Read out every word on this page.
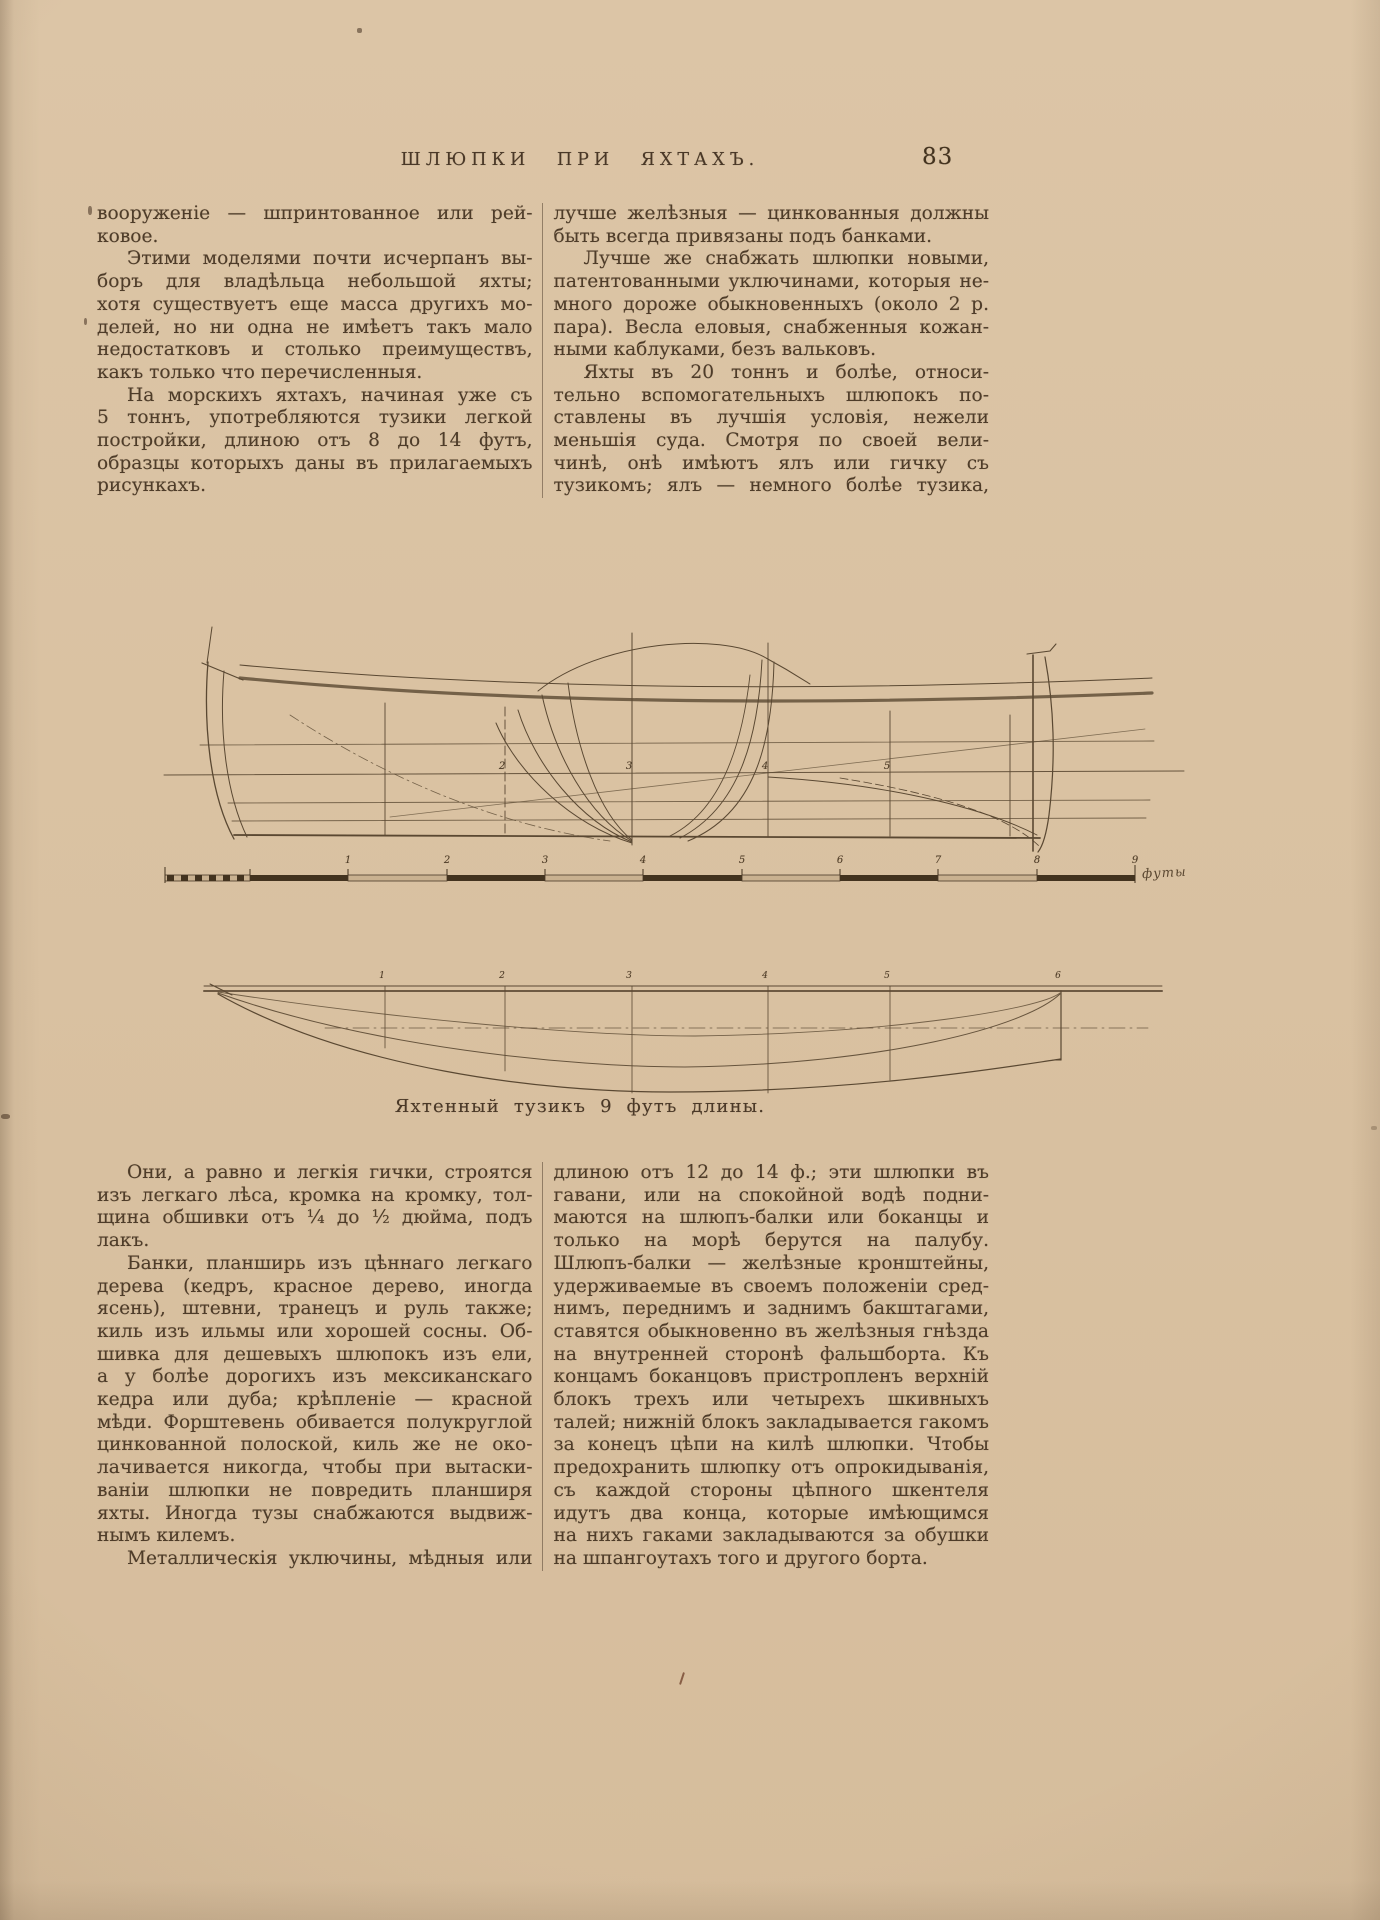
ШЛЮПКИ ПРИ ЯХТАХЪ.	83
вооруженіе — шпринтованное или рей-
ковое.
Этими моделями почти исчерпанъ вы-
боръ для владѣльца небольшой яхты;
хотя существуетъ еще масса другихъ мо-
делей, но ни одна не имѣетъ такъ мало
недостатковъ и столько преимуществъ,
какъ только что перечисленныя.
На морскихъ яхтахъ, начиная уже съ
5 тоннъ, употребляются тузики легкой
постройки, длиною отъ 8 до 14 футъ,
образцы которыхъ даны въ прилагаемыхъ
рисункахъ.
лучше желѣзныя — цинкованныя должны
быть всегда привязаны подъ банками.
Лучше же снабжать шлюпки новыми,
патентованными уключинами, которыя не-
много дороже обыкновенныхъ (около 2 р.
пара). Весла еловыя, снабженныя кожан-
ными каблуками, безъ вальковъ.
Яхты въ 20 тоннъ и болѣе, относи-
тельно вспомогательныхъ шлюпокъ по-
ставлены въ лучшія условія, нежели
меньшія суда. Смотря по своей вели-
чинѣ, онѣ имѣютъ ялъ или гичку съ
тузикомъ; ялъ — немного болѣе тузика,
1	2	3	4	5	6	7	8	9
2	3	4	5
1	2	3	4	5	6
футы
Яхтенный тузикъ 9 футъ длины.
Они, а равно и легкія гички, строятся
изъ легкаго лѣса, кромка на кромку, тол-
щина обшивки отъ ¼ до ½ дюйма, подъ
лакъ.
Банки, планширь изъ цѣннаго легкаго
дерева (кедръ, красное дерево, иногда
ясень), штевни, транецъ и руль также;
киль изъ ильмы или хорошей сосны. Об-
шивка для дешевыхъ шлюпокъ изъ ели,
а у болѣе дорогихъ изъ мексиканскаго
кедра или дуба; крѣпленіе — красной
мѣди. Форштевень обивается полукруглой
цинкованной полоской, киль же не око-
лачивается никогда, чтобы при вытаски-
ваніи шлюпки не повредить планширя
яхты. Иногда тузы снабжаются выдвиж-
нымъ килемъ.
Металлическія уключины, мѣдныя или
длиною отъ 12 до 14 ф.; эти шлюпки въ
гавани, или на спокойной водѣ подни-
маются на шлюпъ-балки или боканцы и
только на морѣ берутся на палубу.
Шлюпъ-балки — желѣзные кронштейны,
удерживаемые въ своемъ положеніи сред-
нимъ, переднимъ и заднимъ бакштагами,
ставятся обыкновенно въ желѣзныя гнѣзда
на внутренней сторонѣ фальшборта. Къ
концамъ боканцовъ пристропленъ верхній
блокъ трехъ или четырехъ шкивныхъ
талей; нижній блокъ закладывается гакомъ
за конецъ цѣпи на килѣ шлюпки. Чтобы
предохранить шлюпку отъ опрокидыванія,
съ каждой стороны цѣпного шкентеля
идутъ два конца, которые имѣющимся
на нихъ гаками закладываются за обушки
на шпангоутахъ того и другого борта.
